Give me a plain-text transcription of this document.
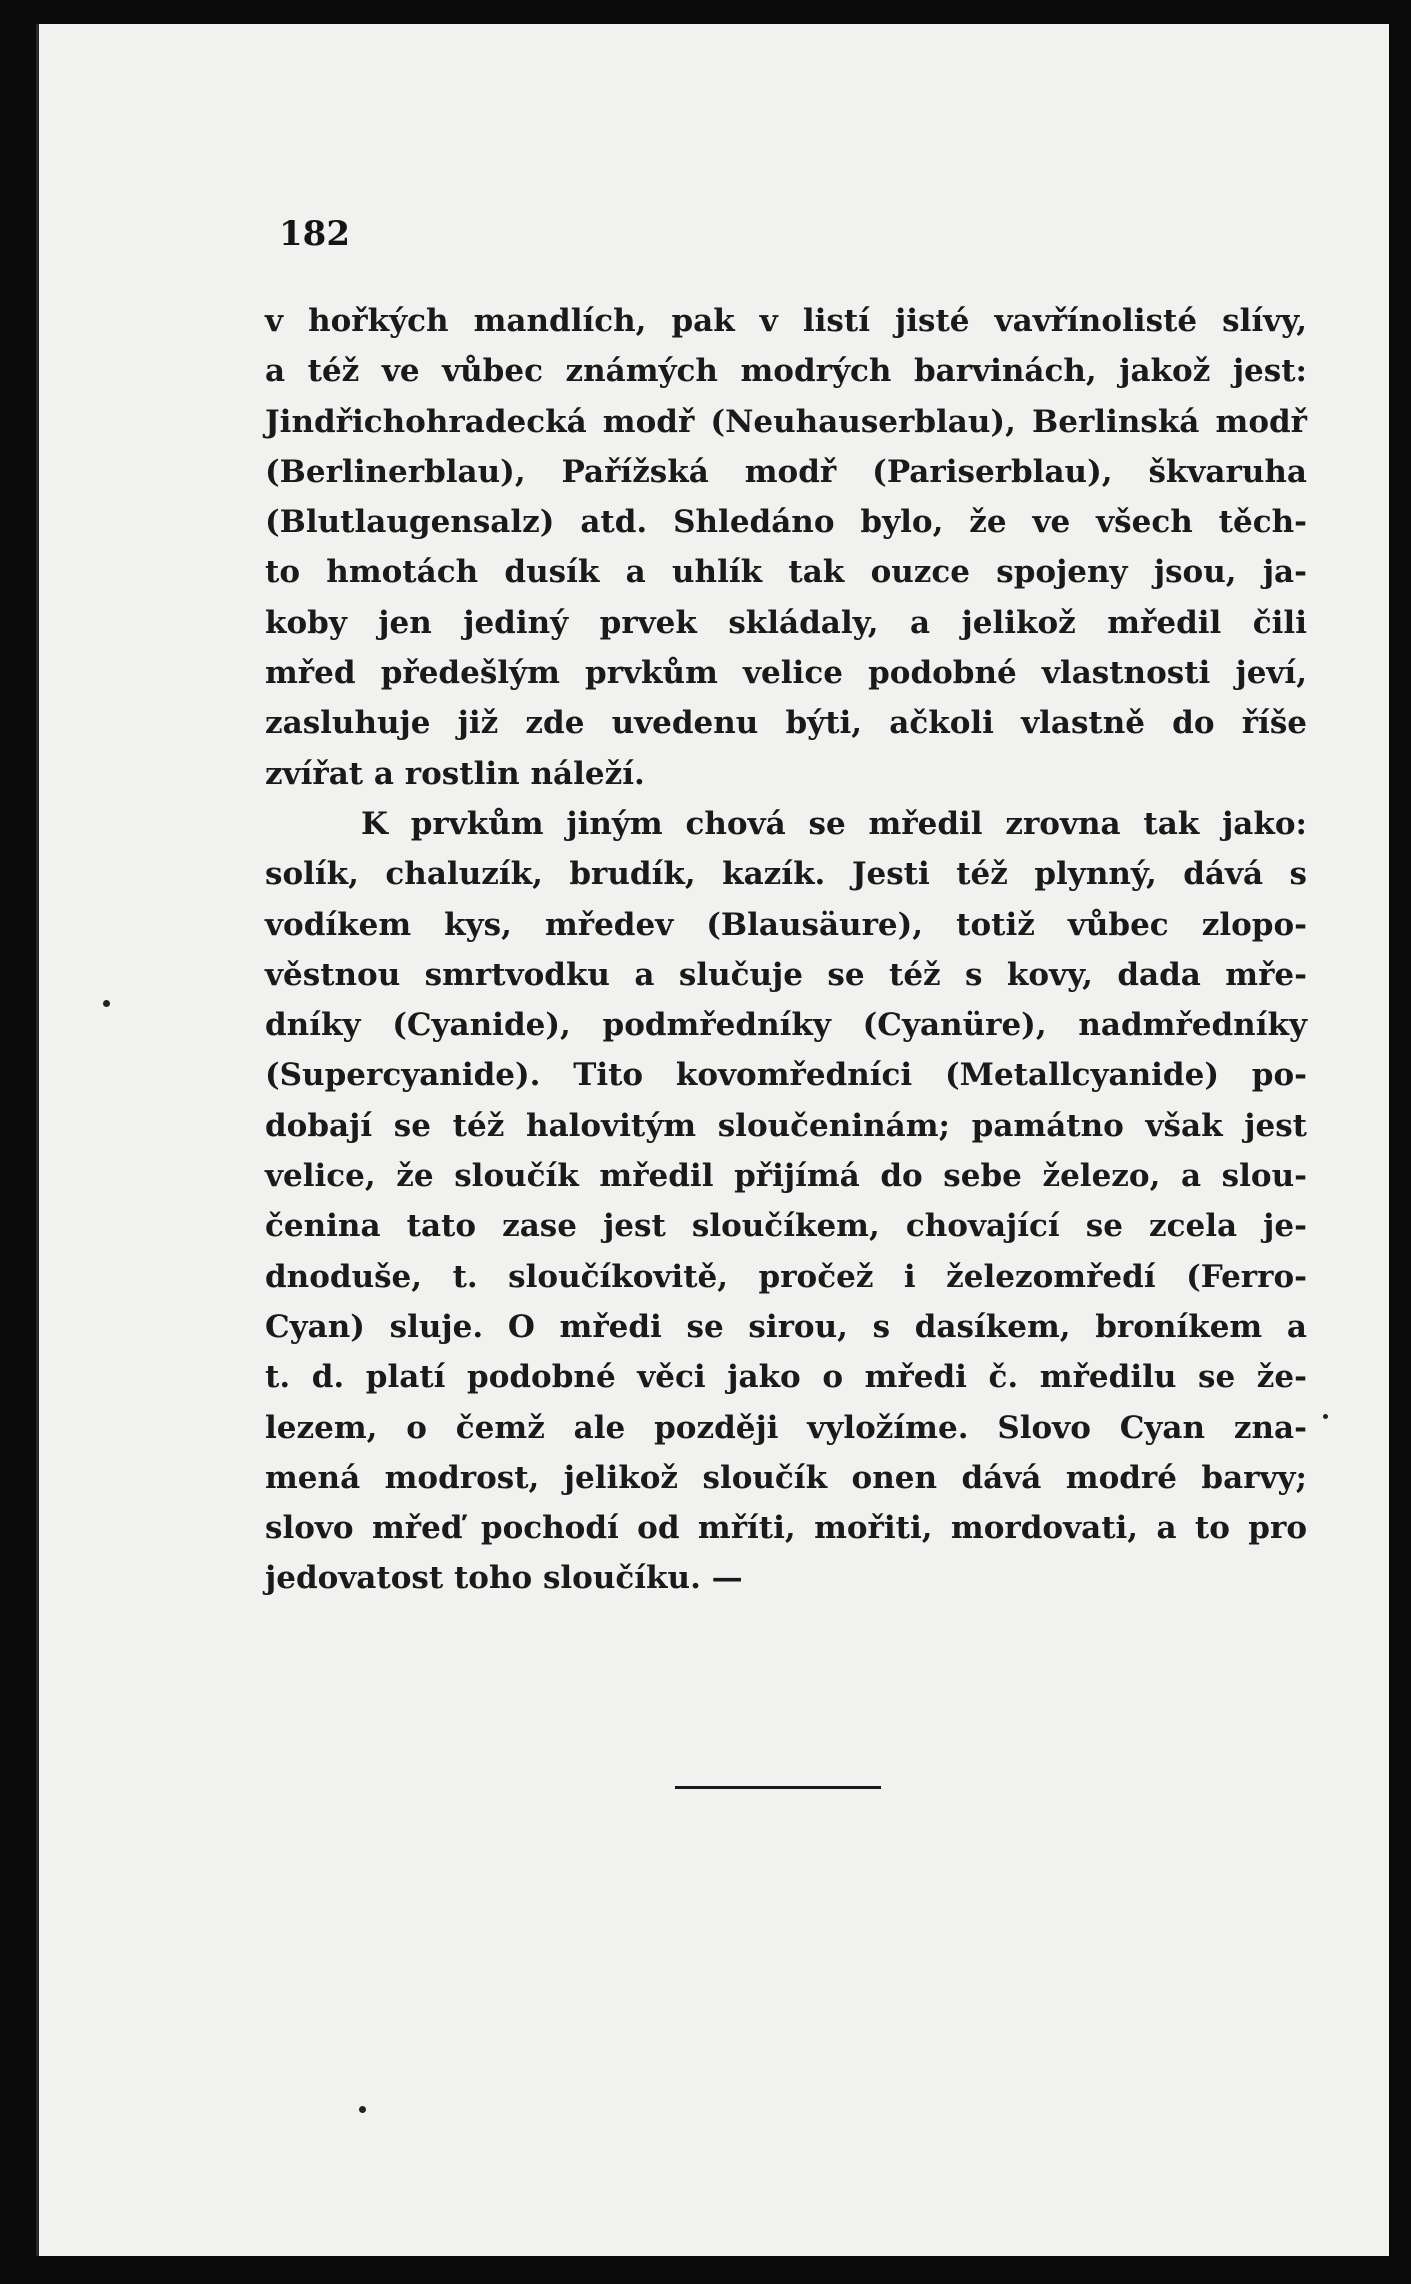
182
v hořkých mandlích, pak v listí jisté vavřínolisté slívy,
a též ve vůbec známých modrých barvinách, jakož jest:
Jindřichohradecká modř (Neuhauserblau), Berlinská modř
(Berlinerblau), Pařížská modř (Pariserblau), škvaruha
(Blutlaugensalz) atd. Shledáno bylo, že ve všech těch-
to hmotách dusík a uhlík tak ouzce spojeny jsou, ja-
koby jen jediný prvek skládaly, a jelikož mředil čili
mřed předešlým prvkům velice podobné vlastnosti jeví,
zasluhuje již zde uvedenu býti, ačkoli vlastně do říše
zvířat a rostlin náleží.
K prvkům jiným chová se mředil zrovna tak jako:
solík, chaluzík, brudík, kazík. Jesti též plynný, dává s
vodíkem kys, mředev (Blausäure), totiž vůbec zlopo-
věstnou smrtvodku a slučuje se též s kovy, dada mře-
dníky (Cyanide), podmředníky (Cyanüre), nadmředníky
(Supercyanide). Tito kovomředníci (Metallcyanide) po-
dobají se též halovitým sloučeninám; památno však jest
velice, že sloučík mředil přijímá do sebe železo, a slou-
čenina tato zase jest sloučíkem, chovající se zcela je-
dnoduše, t. sloučíkovitě, pročež i železomředí (Ferro-
Cyan) sluje. O mředi se sirou, s dasíkem, broníkem a
t. d. platí podobné věci jako o mředi č. mředilu se že-
lezem, o čemž ale později vyložíme. Slovo Cyan zna-
mená modrost, jelikož sloučík onen dává modré barvy;
slovo mřeď pochodí od mříti, mořiti, mordovati, a to pro
jedovatost toho sloučíku. —
